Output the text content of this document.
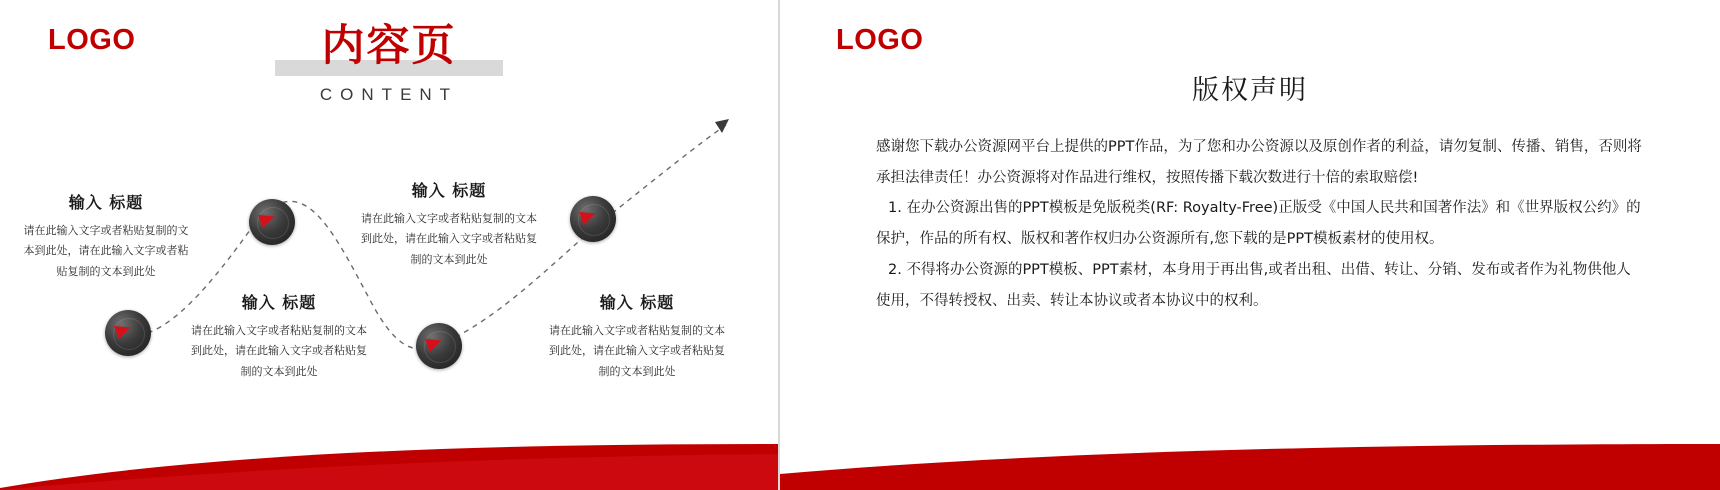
LOGO	内容页
CONTENT
输入 标题
请在此输入文字或者粘贴复制的文本到此处，请在此输入文字或者粘贴复制的文本到此处
输入 标题
请在此输入文字或者粘贴复制的文本到此处，请在此输入文字或者粘贴复制的文本到此处
输入 标题
请在此输入文字或者粘贴复制的文本到此处，请在此输入文字或者粘贴复制的文本到此处
输入 标题
请在此输入文字或者粘贴复制的文本到此处，请在此输入文字或者粘贴复制的文本到此处
LOGO
版权声明

感谢您下载办公资源网平台上提供的PPT作品，为了您和办公资源以及原创作者的利益，请勿复制、传播、销售，否则将承担法律责任！办公资源将对作品进行维权，按照传播下载次数进行十倍的索取赔偿!

1. 在办公资源出售的PPT模板是免版税类(RF: Royalty-Free)正版受《中国人民共和国著作法》和《世界版权公约》的保护，作品的所有权、版权和著作权归办公资源所有,您下载的是PPT模板素材的使用权。

2. 不得将办公资源的PPT模板、PPT素材，本身用于再出售,或者出租、出借、转让、分销、发布或者作为礼物供他人使用，不得转授权、出卖、转让本协议或者本协议中的权利。
